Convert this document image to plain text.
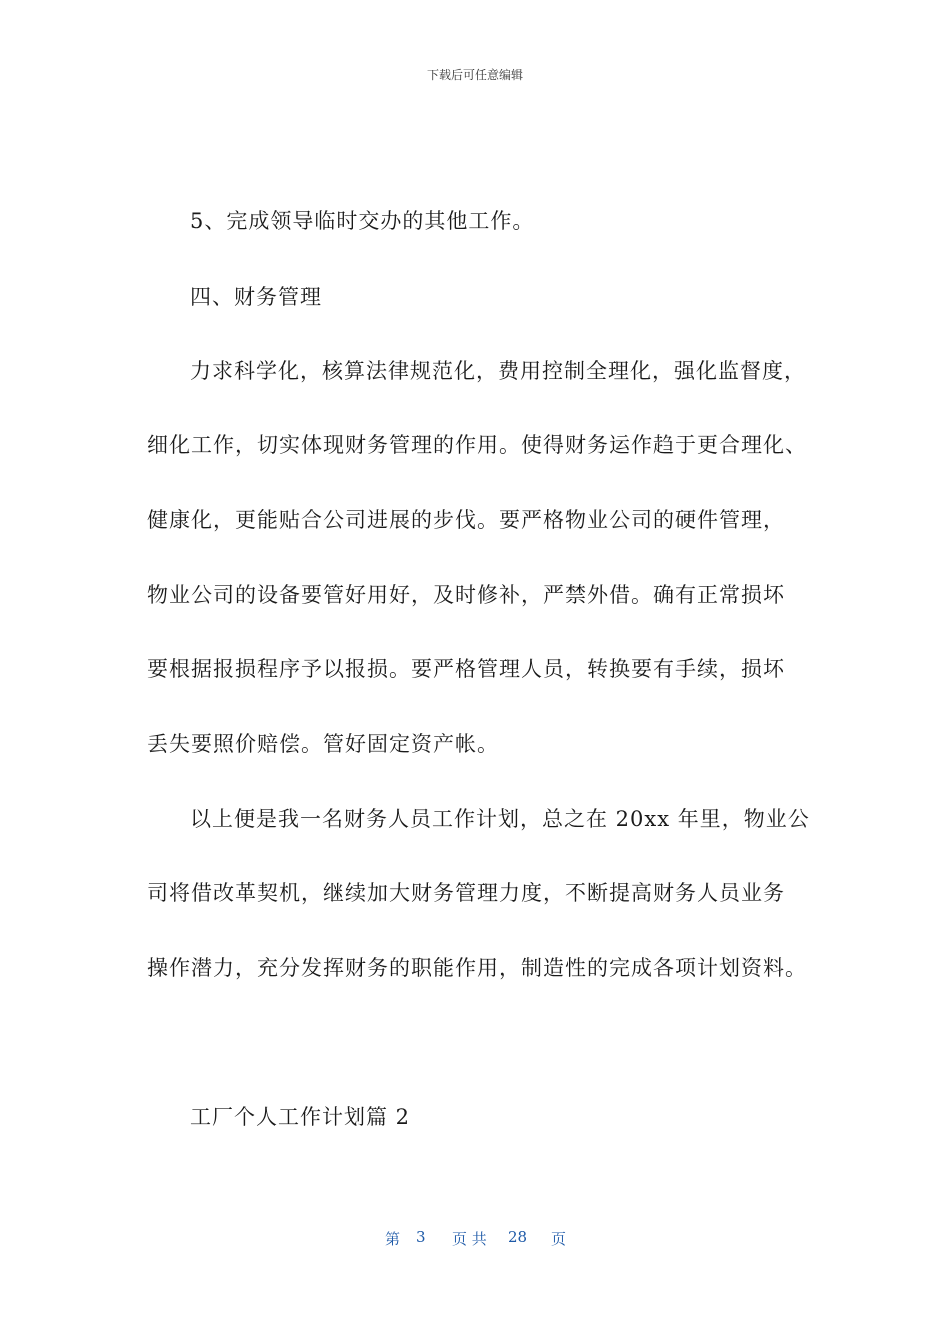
下载后可任意编辑
5、完成领导临时交办的其他工作。
四、财务管理
力求科学化，核算法律规范化，费用控制全理化，强化监督度，
细化工作，切实体现财务管理的作用。使得财务运作趋于更合理化、
健康化，更能贴合公司进展的步伐。要严格物业公司的硬件管理，
物业公司的设备要管好用好，及时修补，严禁外借。确有正常损坏
要根据报损程序予以报损。要严格管理人员，转换要有手续，损坏
丢失要照价赔偿。管好固定资产帐。
以上便是我一名财务人员工作计划，总之在 20xx 年里，物业公
司将借改革契机，继续加大财务管理力度，不断提高财务人员业务
操作潜力，充分发挥财务的职能作用，制造性的完成各项计划资料。
工厂个人工作计划篇 2
第 3 页 共 28 页
